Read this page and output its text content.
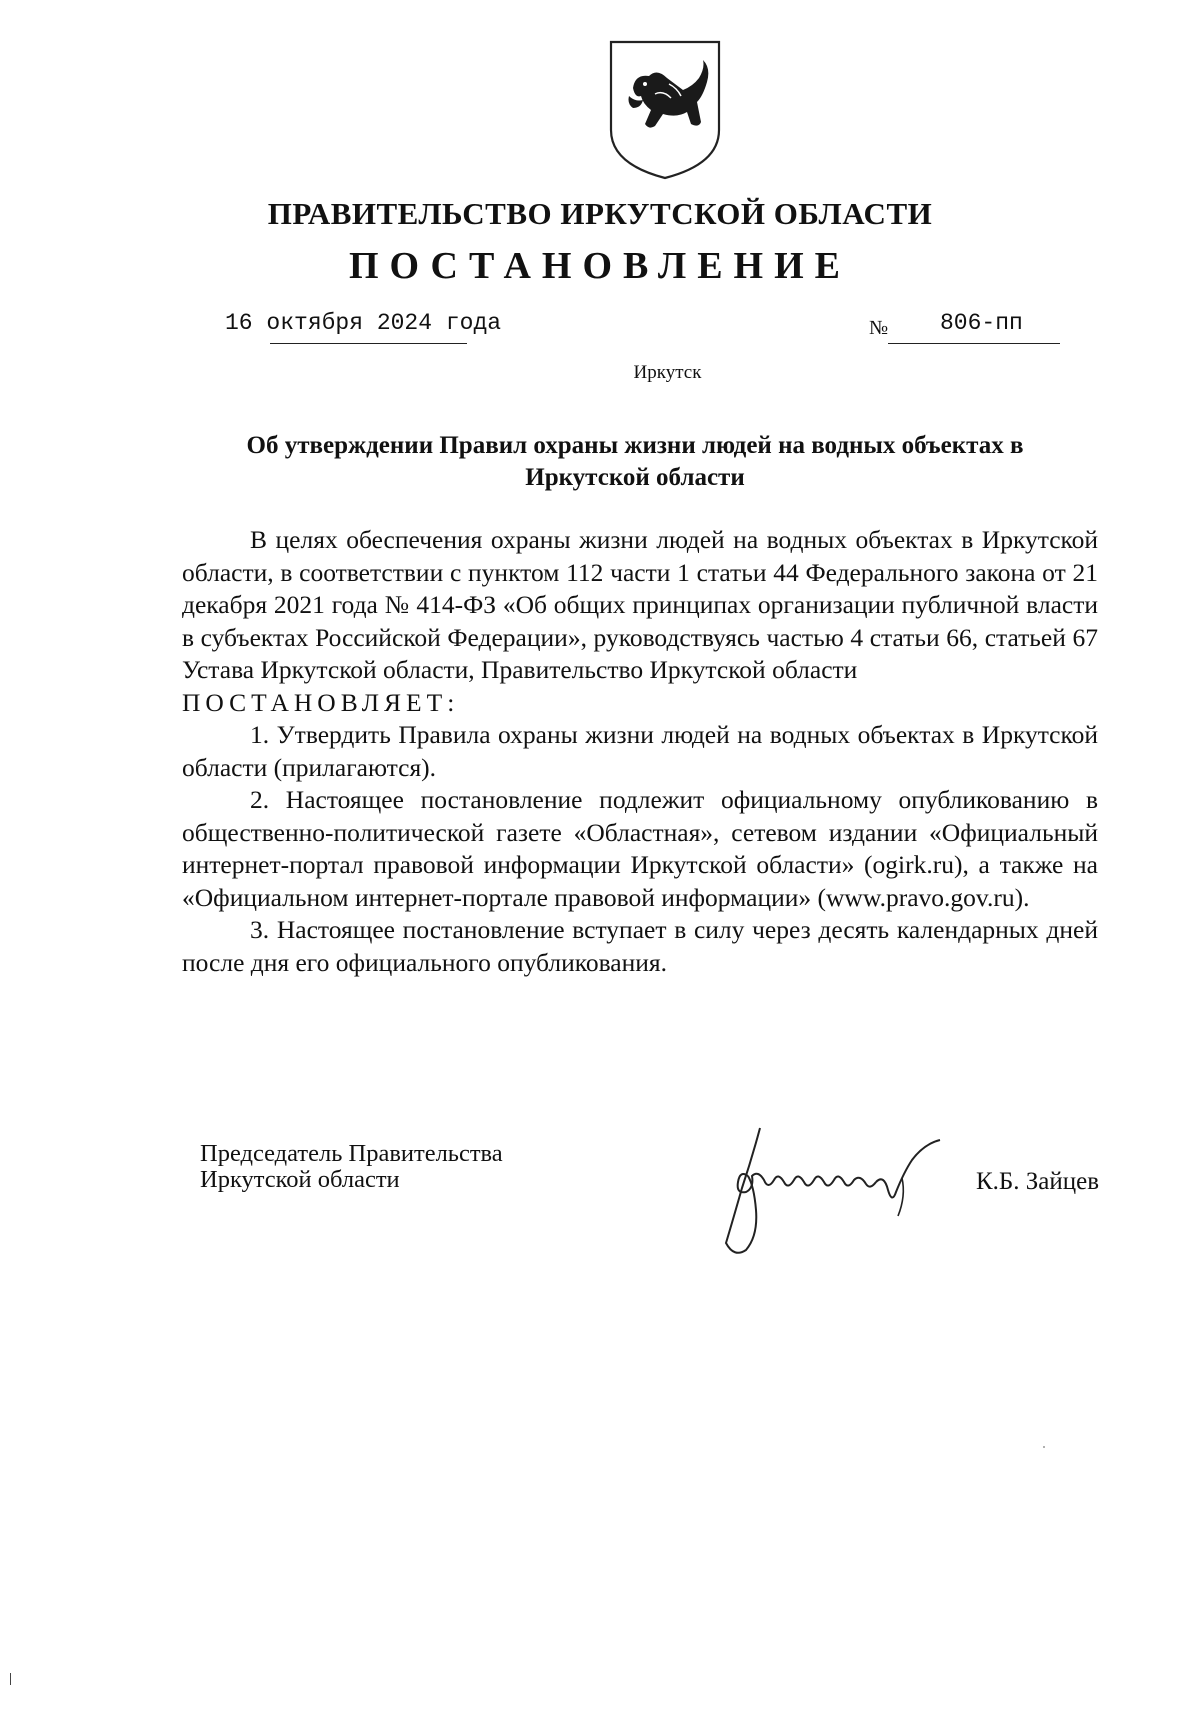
ПРАВИТЕЛЬСТВО ИРКУТСКОЙ ОБЛАСТИ
ПОСТАНОВЛЕНИЕ
16 октября 2024 года	№ 806-пп
Иркутск
Об утверждении Правил охраны жизни людей на водных объектах в
Иркутской области

В целях обеспечения охраны жизни людей на водных объектах в Иркутской области, в соответствии с пунктом 112 части 1 статьи 44 Федерального закона от 21 декабря 2021 года № 414-ФЗ «Об общих принципах организации публичной власти в субъектах Российской Федерации», руководствуясь частью 4 статьи 66, статьей 67 Устава Иркутской области, Правительство Иркутской области

ПОСТАНОВЛЯЕТ:

1. Утвердить Правила охраны жизни людей на водных объектах в Иркутской области (прилагаются).

2. Настоящее постановление подлежит официальному опубликованию в общественно-политической газете «Областная», сетевом издании «Официальный интернет-портал правовой информации Иркутской области» (ogirk.ru), а также на «Официальном интернет-портале правовой информации» (www.pravo.gov.ru).

3. Настоящее постановление вступает в силу через десять календарных дней после дня его официального опубликования.

Председатель Правительства
Иркутской области	К.Б. Зайцев
